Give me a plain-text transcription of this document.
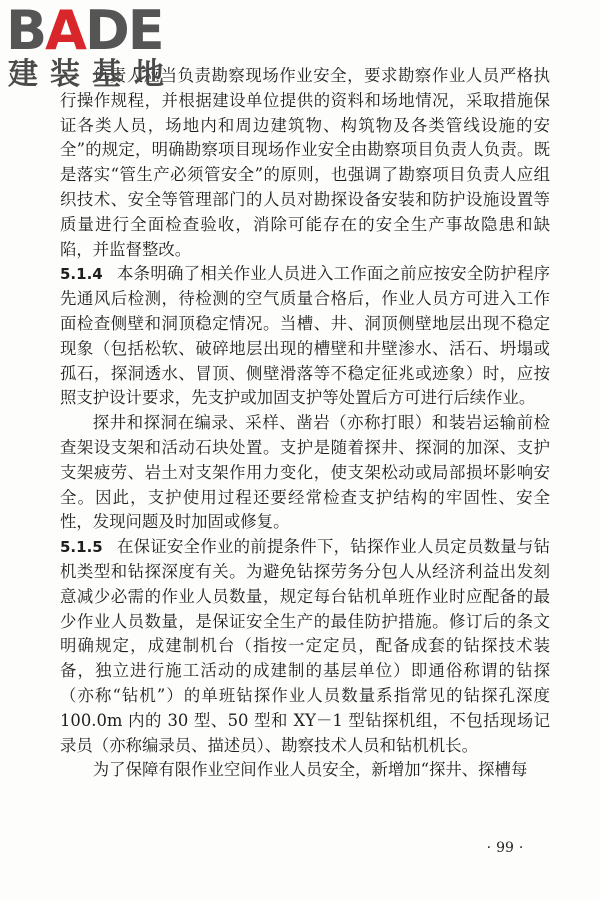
BADE
建装基地

负责人应当负责勘察现场作业安全，要求勘察作业人员严格执行操作规程，并根据建设单位提供的资料和场地情况，采取措施保证各类人员，场地内和周边建筑物、构筑物及各类管线设施的安全”的规定，明确勘察项目现场作业安全由勘察项目负责人负责。既是落实“管生产必须管安全”的原则，也强调了勘察项目负责人应组织技术、安全等管理部门的人员对勘探设备安装和防护设施设置等质量进行全面检查验收，消除可能存在的安全生产事故隐患和缺陷，并监督整改。

5.1.4 本条明确了相关作业人员进入工作面之前应按安全防护程序先通风后检测，待检测的空气质量合格后，作业人员方可进入工作面检查侧壁和洞顶稳定情况。当槽、井、洞顶侧壁地层出现不稳定现象（包括松软、破碎地层出现的槽壁和井壁渗水、活石、坍塌或孤石，探洞透水、冒顶、侧壁滑落等不稳定征兆或迹象）时，应按照支护设计要求，先支护或加固支护等处置后方可进行后续作业。

探井和探洞在编录、采样、凿岩（亦称打眼）和装岩运输前检查架设支架和活动石块处置。支护是随着探井、探洞的加深、支护支架疲劳、岩土对支架作用力变化，使支架松动或局部损坏影响安全。因此，支护使用过程还要经常检查支护结构的牢固性、安全性，发现问题及时加固或修复。

5.1.5 在保证安全作业的前提条件下，钻探作业人员定员数量与钻机类型和钻探深度有关。为避免钻探劳务分包人从经济利益出发刻意减少必需的作业人员数量，规定每台钻机单班作业时应配备的最少作业人员数量，是保证安全生产的最佳防护措施。修订后的条文明确规定，成建制机台（指按一定定员，配备成套的钻探技术装备，独立进行施工活动的成建制的基层单位）即通俗称谓的钻探（亦称“钻机”）的单班钻探作业人员数量系指常见的钻探孔深度 100.0m 内的 30 型、50 型和 XY－1 型钻探机组，不包括现场记录员（亦称编录员、描述员）、勘察技术人员和钻机机长。

为了保障有限作业空间作业人员安全，新增加“探井、探槽每

· 99 ·
